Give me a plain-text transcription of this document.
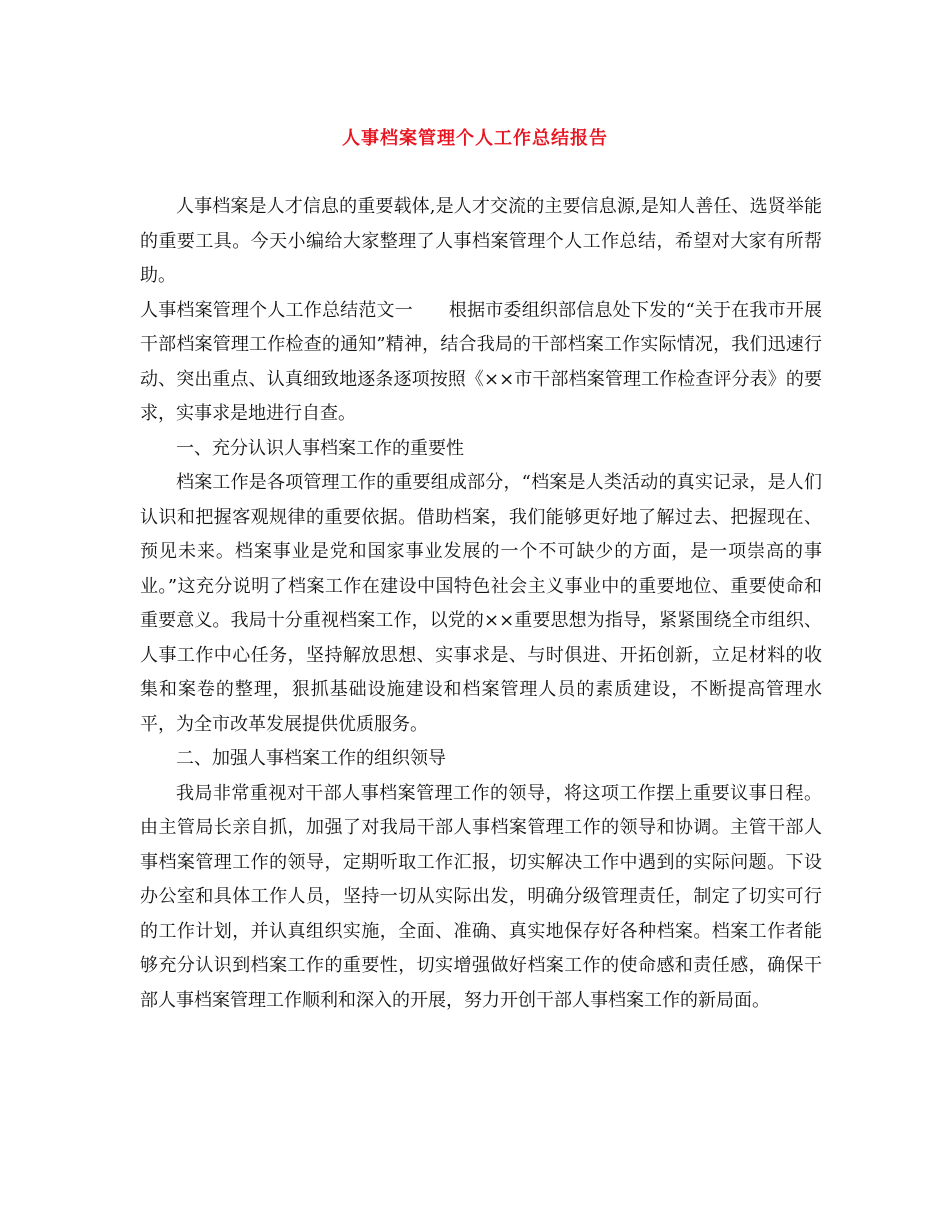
人事档案管理个人工作总结报告

人事档案是人才信息的重要载体,是人才交流的主要信息源,是知人善任、选贤举能的重要工具。今天小编给大家整理了人事档案管理个人工作总结，希望对大家有所帮助。

人事档案管理个人工作总结范文一 根据市委组织部信息处下发的“关于在我市开展干部档案管理工作检查的通知”精神，结合我局的干部档案工作实际情况，我们迅速行动、突出重点、认真细致地逐条逐项按照《××市干部档案管理工作检查评分表》的要求，实事求是地进行自查。

一、充分认识人事档案工作的重要性

档案工作是各项管理工作的重要组成部分，“档案是人类活动的真实记录，是人们认识和把握客观规律的重要依据。借助档案，我们能够更好地了解过去、把握现在、预见未来。档案事业是党和国家事业发展的一个不可缺少的方面，是一项崇高的事业。”这充分说明了档案工作在建设中国特色社会主义事业中的重要地位、重要使命和重要意义。我局十分重视档案工作，以党的××重要思想为指导，紧紧围绕全市组织、人事工作中心任务，坚持解放思想、实事求是、与时俱进、开拓创新，立足材料的收集和案卷的整理，狠抓基础设施建设和档案管理人员的素质建设，不断提高管理水平，为全市改革发展提供优质服务。

二、加强人事档案工作的组织领导

我局非常重视对干部人事档案管理工作的领导，将这项工作摆上重要议事日程。由主管局长亲自抓，加强了对我局干部人事档案管理工作的领导和协调。主管干部人事档案管理工作的领导，定期听取工作汇报，切实解决工作中遇到的实际问题。下设办公室和具体工作人员，坚持一切从实际出发，明确分级管理责任，制定了切实可行的工作计划，并认真组织实施，全面、准确、真实地保存好各种档案。档案工作者能够充分认识到档案工作的重要性，切实增强做好档案工作的使命感和责任感，确保干部人事档案管理工作顺利和深入的开展，努力开创干部人事档案工作的新局面。
